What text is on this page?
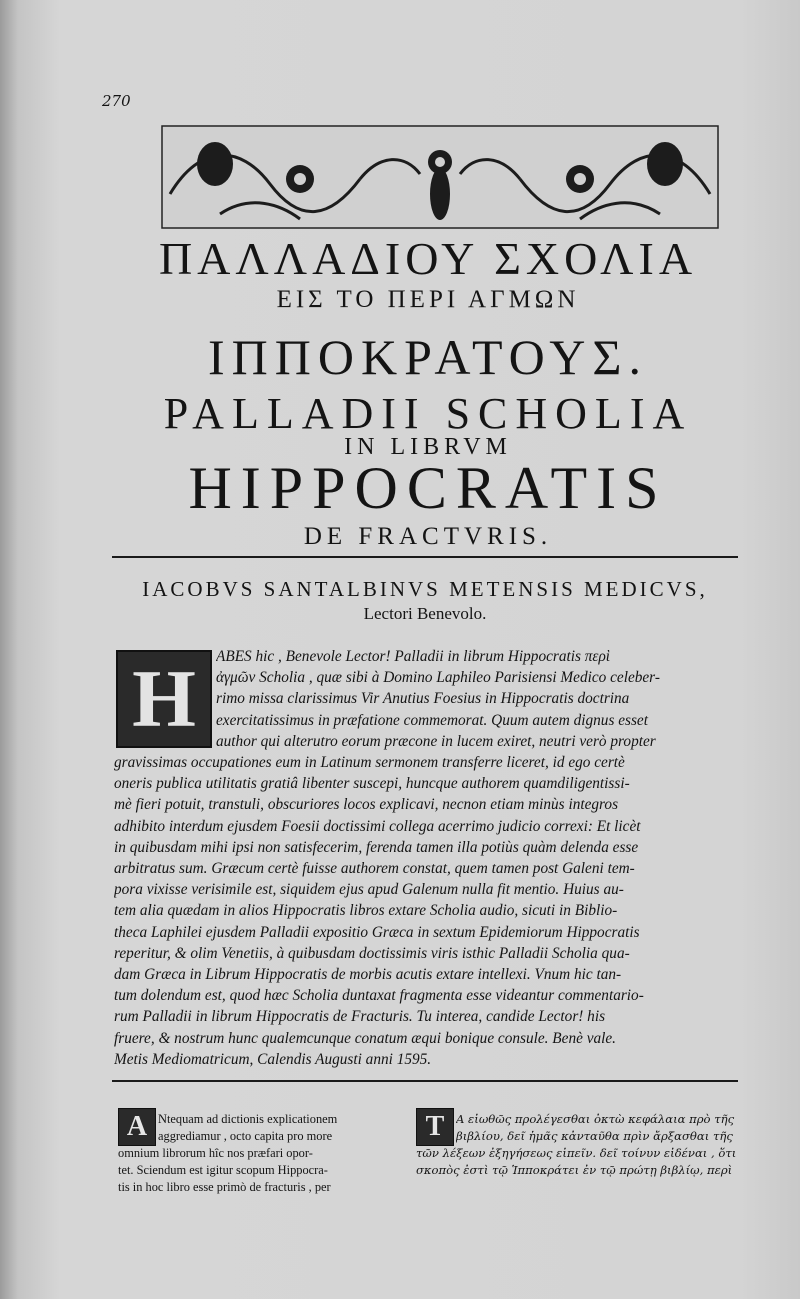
270
ΠΑΛΛΑΔΙΟΥ ΣΧΟΛΙΑ
ΕΙΣ ΤΟ ΠΕΡΙ ΑΓΜΩΝ
ΙΠΠΟΚΡΑΤΟΥΣ.
PALLADII SCHOLIA
IN LIBRVM
HIPPOCRATIS
DE FRACTVRIS.
IACOBVS SANTALBINVS METENSIS MEDICVS,
Lectori Benevolo.
H	ABES hic , Benevole Lector! Palladii in librum Hippocratis περὶ
ἀγμῶν Scholia , quæ sibi à Domino Laphileo Parisiensi Medico celeber-
rimo missa clarissimus Vir Anutius Foesius in Hippocratis doctrina
exercitatissimus in præfatione commemorat. Quum autem dignus esset
author qui alterutro eorum præcone in lucem exiret, neutri verò propter
gravissimas occupationes eum in Latinum sermonem transferre liceret, id ego certè
oneris publica utilitatis gratiâ libenter suscepi, huncque authorem quamdiligentissi-
mè fieri potuit, transtuli, obscuriores locos explicavi, necnon etiam minùs integros
adhibito interdum ejusdem Foesii doctissimi collega acerrimo judicio correxi: Et licèt
in quibusdam mihi ipsi non satisfecerim, ferenda tamen illa potiùs quàm delenda esse
arbitratus sum. Græcum certè fuisse authorem constat, quem tamen post Galeni tem-
pora vixisse verisimile est, siquidem ejus apud Galenum nulla fit mentio. Huius au-
tem alia quædam in alios Hippocratis libros extare Scholia audio, sicuti in Biblio-
theca Laphilei ejusdem Palladii expositio Græca in sextum Epidemiorum Hippocratis
reperitur, & olim Venetiis, à quibusdam doctissimis viris isthic Palladii Scholia qua-
dam Græca in Librum Hippocratis de morbis acutis extare intellexi. Vnum hic tan-
tum dolendum est, quod hæc Scholia duntaxat fragmenta esse videantur commentario-
rum Palladii in librum Hippocratis de Fracturis. Tu interea, candide Lector! his
fruere, & nostrum hunc qualemcunque conatum æqui bonique consule. Benè vale.
Metis Mediomatricum, Calendis Augusti anni 1595.
A Ntequam ad dictionis explicationem
aggrediamur , octo capita pro more
omnium librorum hîc nos præfari opor-
tet. Sciendum est igitur scopum Hippocra-
tis in hoc libro esse primò de fracturis , per
T	Α εἰωθῶς προλέγεσθαι ὀκτὼ κεφάλαια πρὸ τῆς
βιβλίου, δεῖ ἡμᾶς κἀνταῦθα πρὶν ἄρξασθαι τῆς
τῶν λέξεων ἐξηγήσεως εἰπεῖν. δεῖ τοίνυν εἰδέναι , ὅτι
σκοπὸς ἐστὶ τῷ Ἱπποκράτει ἐν τῷ πρώτῃ βιβλίῳ, περὶ
